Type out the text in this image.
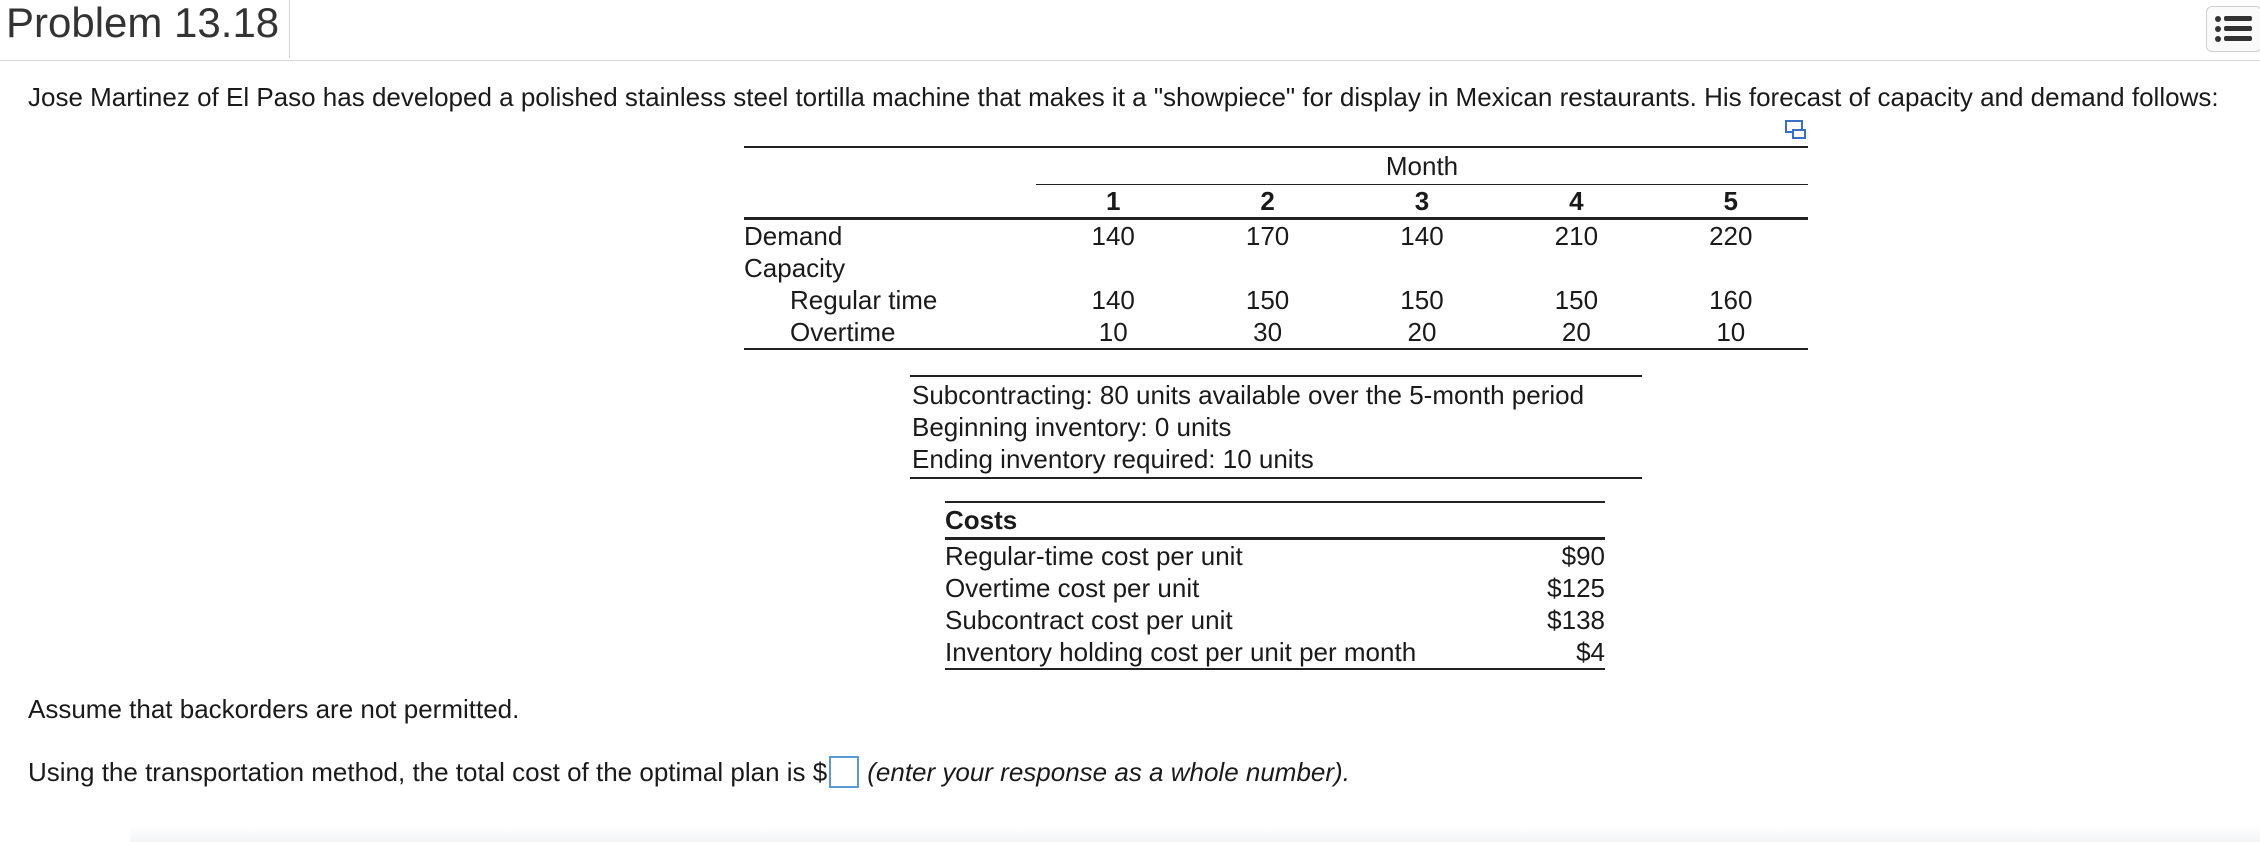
Problem 13.18
Jose Martinez of El Paso has developed a polished stainless steel tortilla machine that makes it a "showpiece" for display in Mexican restaurants. His forecast of capacity and demand follows:
	Month				
	1	2	3	4	5
Demand	140	170	140	210	220
Capacity					
Regular time	140	150	150	150	160
Overtime	10	30	20	20	10
Subcontracting: 80 units available over the 5-month period
Beginning inventory: 0 units
Ending inventory required: 10 units
Costs	
Regular-time cost per unit	$90
Overtime cost per unit	$125
Subcontract cost per unit	$138
Inventory holding cost per unit per month	$4
Assume that backorders are not permitted.
Using the transportation method, the total cost of the optimal plan is $ (enter your response as a whole number).
